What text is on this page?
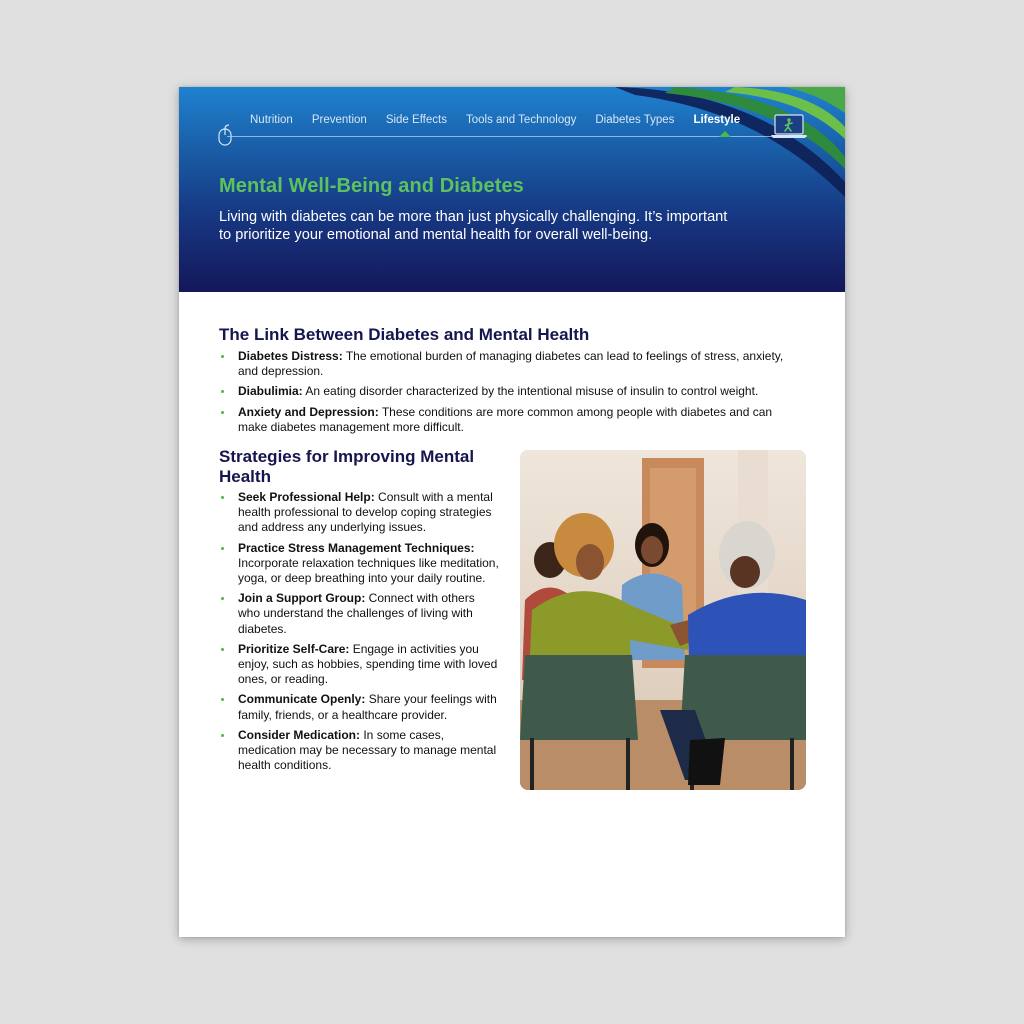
Nutrition Prevention Side Effects Tools and Technology Diabetes Types Lifestyle
Mental Well-Being and Diabetes

Living with diabetes can be more than just physically challenging. It’s important to prioritize your emotional and mental health for overall well-being.

The Link Between Diabetes and Mental Health
Diabetes Distress: The emotional burden of managing diabetes can lead to feelings of stress, anxiety, and depression.
Diabulimia: An eating disorder characterized by the intentional misuse of insulin to control weight.
Anxiety and Depression: These conditions are more common among people with diabetes and can make diabetes management more difficult.
Strategies for Improving Mental Health
Seek Professional Help: Consult with a mental health professional to develop coping strategies and address any underlying issues.
Practice Stress Management Techniques: Incorporate relaxation techniques like meditation, yoga, or deep breathing into your daily routine.
Join a Support Group: Connect with others who understand the challenges of living with diabetes.
Prioritize Self-Care: Engage in activities you enjoy, such as hobbies, spending time with loved ones, or reading.
Communicate Openly: Share your feelings with family, friends, or a healthcare provider.
Consider Medication: In some cases, medication may be necessary to manage mental health conditions.
